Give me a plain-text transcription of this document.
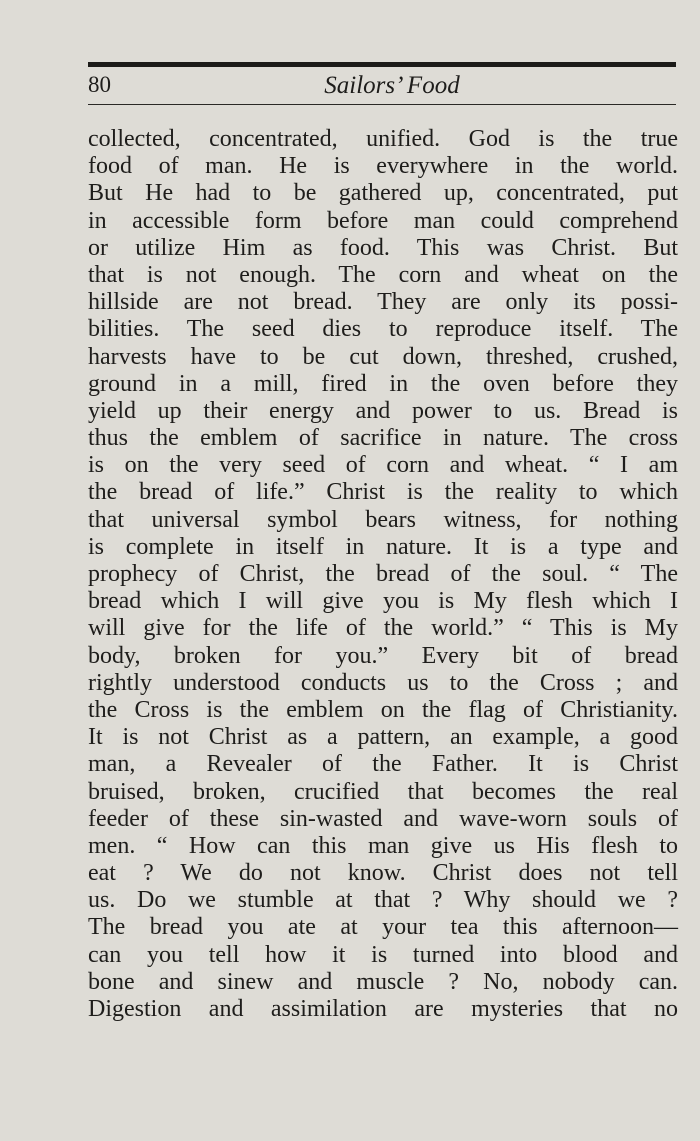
80	Sailors’ Food
collected, concentrated, unified. God is the true
food of man. He is everywhere in the world.
But He had to be gathered up, concentrated, put
in accessible form before man could comprehend
or utilize Him as food. This was Christ. But
that is not enough. The corn and wheat on the
hillside are not bread. They are only its possi-
bilities. The seed dies to reproduce itself. The
harvests have to be cut down, threshed, crushed,
ground in a mill, fired in the oven before they
yield up their energy and power to us. Bread is
thus the emblem of sacrifice in nature. The cross
is on the very seed of corn and wheat. “ I am
the bread of life.” Christ is the reality to which
that universal symbol bears witness, for nothing
is complete in itself in nature. It is a type and
prophecy of Christ, the bread of the soul. “ The
bread which I will give you is My flesh which I
will give for the life of the world.” “ This is My
body, broken for you.” Every bit of bread
rightly understood conducts us to the Cross ; and
the Cross is the emblem on the flag of Christianity.
It is not Christ as a pattern, an example, a good
man, a Revealer of the Father. It is Christ
bruised, broken, crucified that becomes the real
feeder of these sin-wasted and wave-worn souls of
men. “ How can this man give us His flesh to
eat ? We do not know. Christ does not tell
us. Do we stumble at that ? Why should we ?
The bread you ate at your tea this afternoon—
can you tell how it is turned into blood and
bone and sinew and muscle ? No, nobody can.
Digestion and assimilation are mysteries that no
